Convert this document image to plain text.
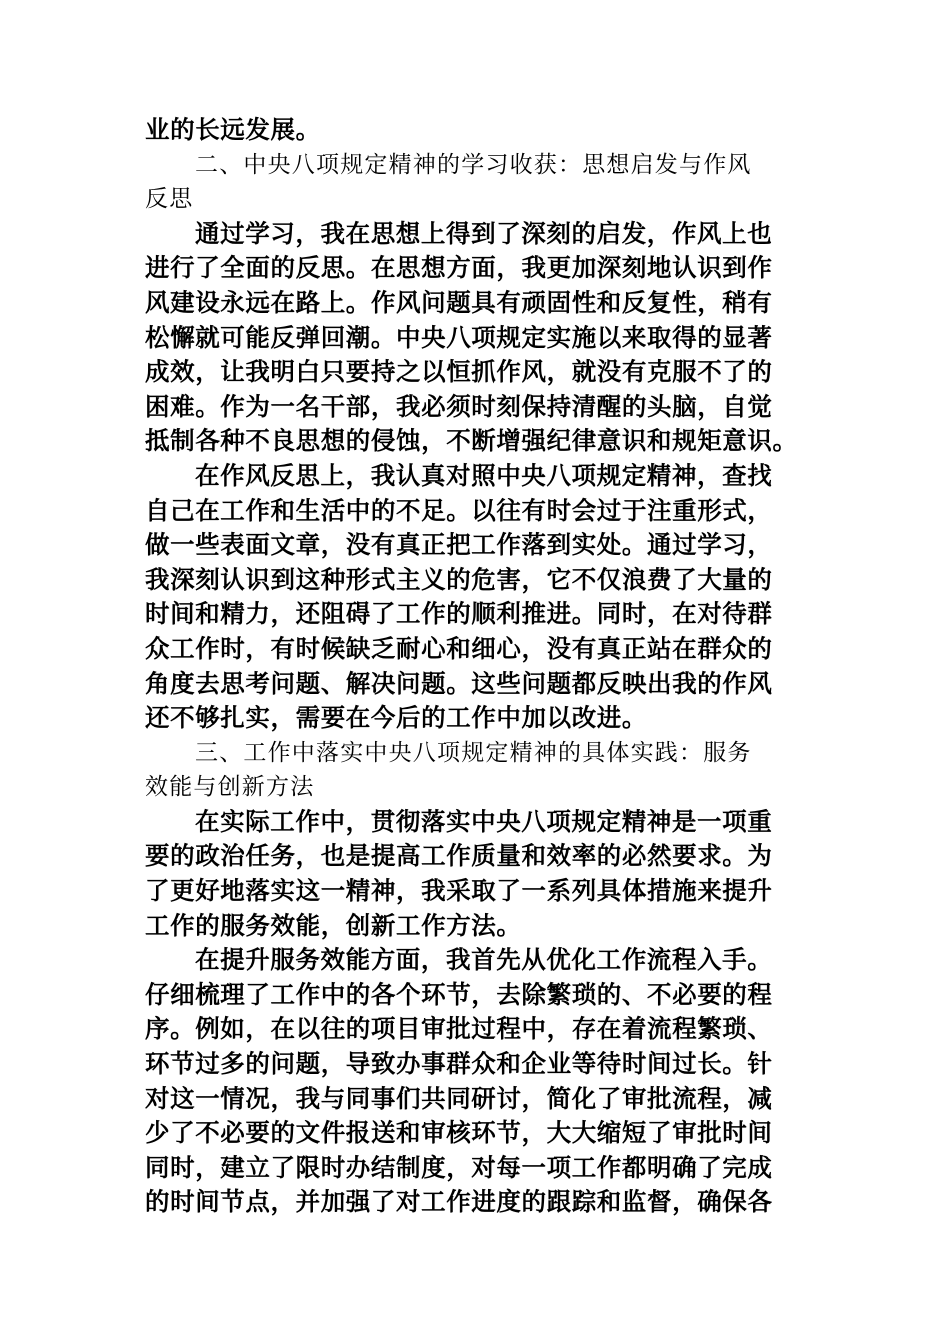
业的长远发展。
二、中央八项规定精神的学习收获：思想启发与作风
反思
通过学习，我在思想上得到了深刻的启发，作风上也
进行了全面的反思。在思想方面，我更加深刻地认识到作
风建设永远在路上。作风问题具有顽固性和反复性，稍有
松懈就可能反弹回潮。中央八项规定实施以来取得的显著
成效，让我明白只要持之以恒抓作风，就没有克服不了的
困难。作为一名干部，我必须时刻保持清醒的头脑，自觉
抵制各种不良思想的侵蚀，不断增强纪律意识和规矩意识。
在作风反思上，我认真对照中央八项规定精神，查找
自己在工作和生活中的不足。以往有时会过于注重形式，
做一些表面文章，没有真正把工作落到实处。通过学习，
我深刻认识到这种形式主义的危害，它不仅浪费了大量的
时间和精力，还阻碍了工作的顺利推进。同时，在对待群
众工作时，有时候缺乏耐心和细心，没有真正站在群众的
角度去思考问题、解决问题。这些问题都反映出我的作风
还不够扎实，需要在今后的工作中加以改进。
三、工作中落实中央八项规定精神的具体实践：服务
效能与创新方法
在实际工作中，贯彻落实中央八项规定精神是一项重
要的政治任务，也是提高工作质量和效率的必然要求。为
了更好地落实这一精神，我采取了一系列具体措施来提升
工作的服务效能，创新工作方法。
在提升服务效能方面，我首先从优化工作流程入手。
仔细梳理了工作中的各个环节，去除繁琐的、不必要的程
序。例如，在以往的项目审批过程中，存在着流程繁琐、
环节过多的问题，导致办事群众和企业等待时间过长。针
对这一情况，我与同事们共同研讨，简化了审批流程，减
少了不必要的文件报送和审核环节，大大缩短了审批时间
同时，建立了限时办结制度，对每一项工作都明确了完成
的时间节点，并加强了对工作进度的跟踪和监督，确保各
